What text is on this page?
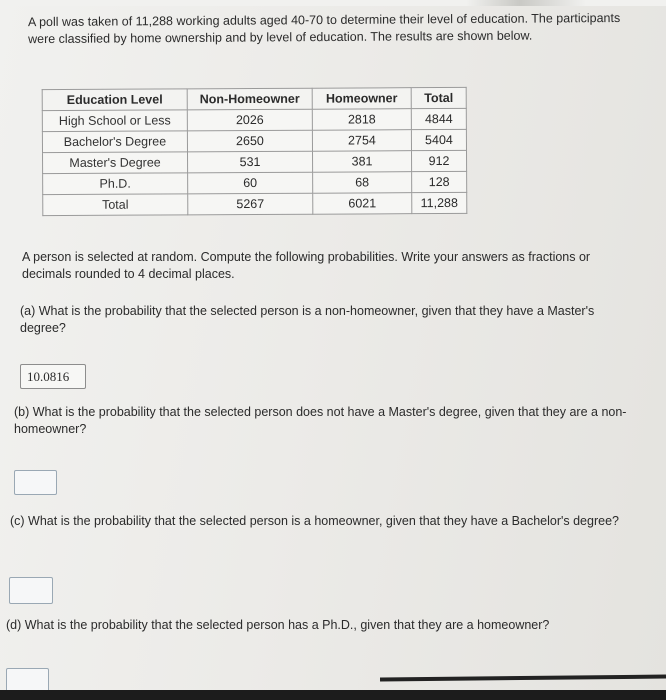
A poll was taken of 11,288 working adults aged 40-70 to determine their level of education. The participants were classified by home ownership and by level of education. The results are shown below.
Education Level	Non-Homeowner	Homeowner	Total
High School or Less	2026	2818	4844
Bachelor's Degree	2650	2754	5404
Master's Degree	531	381	912
Ph.D.	60	68	128
Total	5267	6021	11,288
A person is selected at random. Compute the following probabilities. Write your answers as fractions or decimals rounded to 4 decimal places.
(a) What is the probability that the selected person is a non-homeowner, given that they have a Master's degree?
10.0816
(b) What is the probability that the selected person does not have a Master's degree, given that they are a non-homeowner?
(c) What is the probability that the selected person is a homeowner, given that they have a Bachelor's degree?
(d) What is the probability that the selected person has a Ph.D., given that they are a homeowner?
